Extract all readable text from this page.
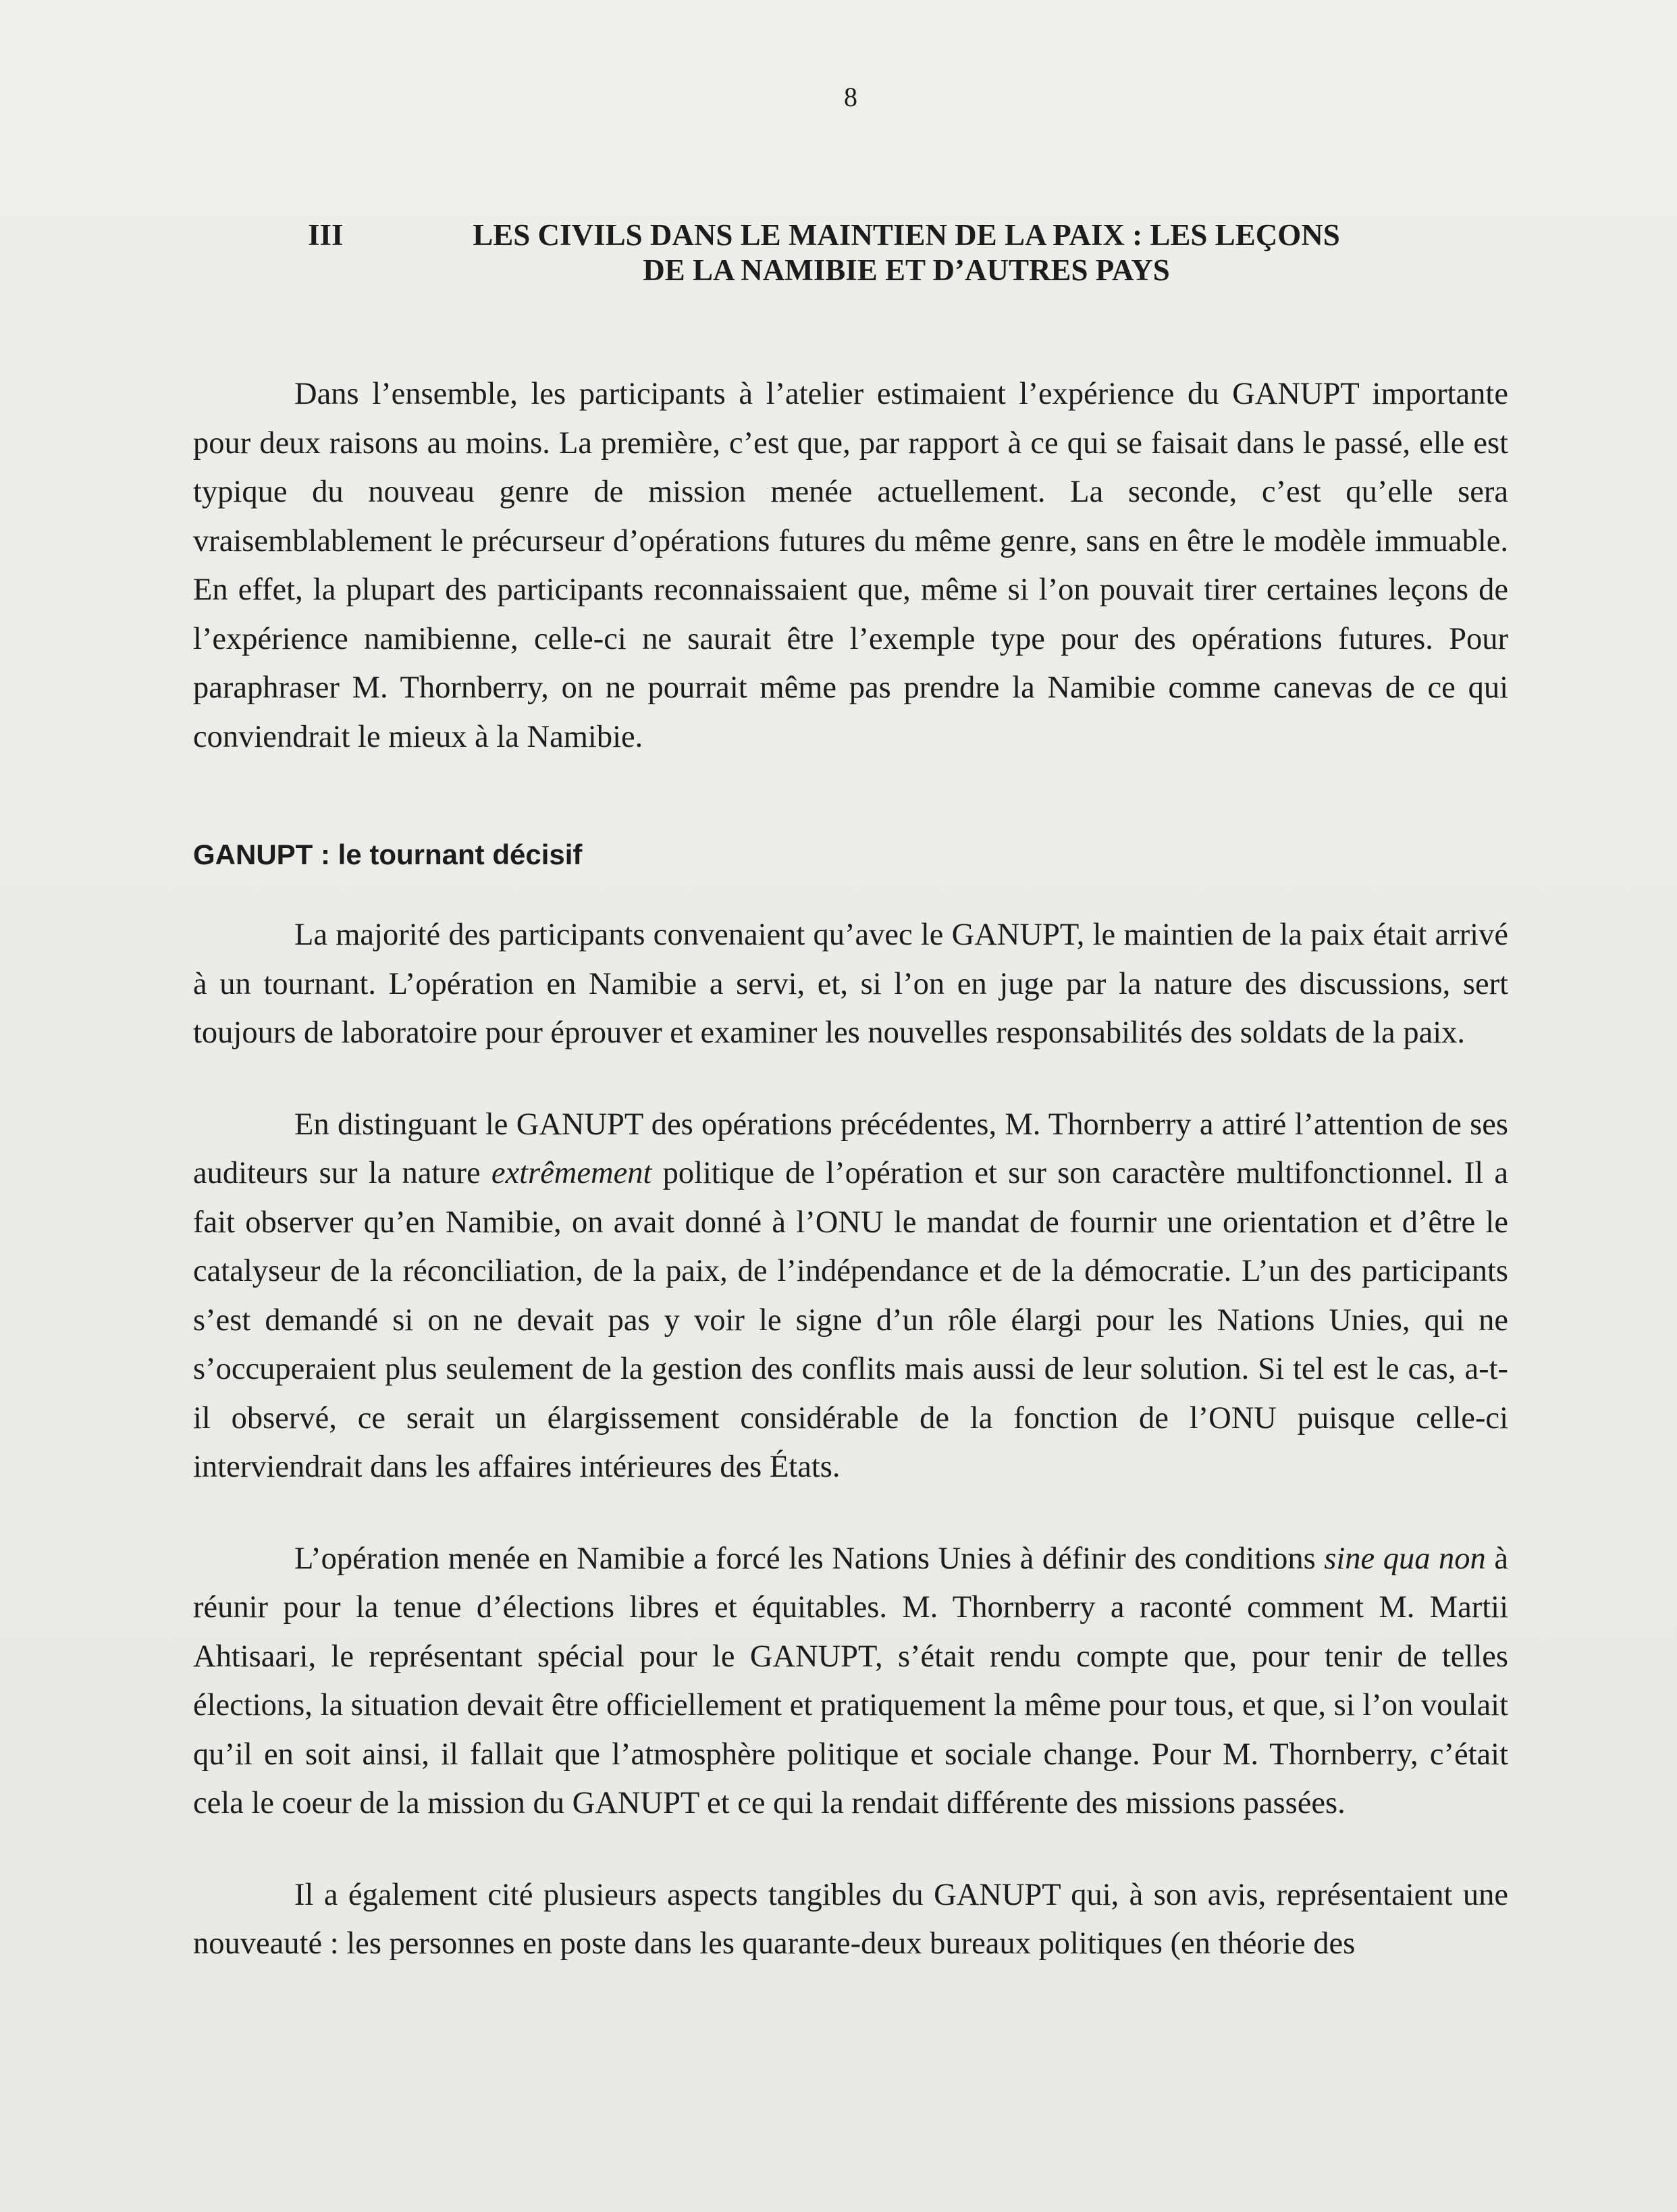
8
III	LES CIVILS DANS LE MAINTIEN DE LA PAIX : LES LEÇONS
DE LA NAMIBIE ET D’AUTRES PAYS

Dans l’ensemble, les participants à l’atelier estimaient l’expérience du GANUPT importante pour deux raisons au moins. La première, c’est que, par rapport à ce qui se faisait dans le passé, elle est typique du nouveau genre de mission menée actuellement. La seconde, c’est qu’elle sera vraisemblablement le précurseur d’opérations futures du même genre, sans en être le modèle immuable. En effet, la plupart des participants reconnaissaient que, même si l’on pouvait tirer certaines leçons de l’expérience namibienne, celle-ci ne saurait être l’exemple type pour des opérations futures. Pour paraphraser M. Thornberry, on ne pourrait même pas prendre la Namibie comme canevas de ce qui conviendrait le mieux à la Namibie.

GANUPT : le tournant décisif

La majorité des participants convenaient qu’avec le GANUPT, le maintien de la paix était arrivé à un tournant. L’opération en Namibie a servi, et, si l’on en juge par la nature des discussions, sert toujours de laboratoire pour éprouver et examiner les nouvelles responsabilités des soldats de la paix.

En distinguant le GANUPT des opérations précédentes, M. Thornberry a attiré l’attention de ses auditeurs sur la nature extrêmement politique de l’opération et sur son caractère multifonctionnel. Il a fait observer qu’en Namibie, on avait donné à l’ONU le mandat de fournir une orientation et d’être le catalyseur de la réconciliation, de la paix, de l’indépendance et de la démocratie. L’un des participants s’est demandé si on ne devait pas y voir le signe d’un rôle élargi pour les Nations Unies, qui ne s’occuperaient plus seulement de la gestion des conflits mais aussi de leur solution. Si tel est le cas, a-t-il observé, ce serait un élargissement considérable de la fonction de l’ONU puisque celle-ci interviendrait dans les affaires intérieures des États.

L’opération menée en Namibie a forcé les Nations Unies à définir des conditions sine qua non à réunir pour la tenue d’élections libres et équitables. M. Thornberry a raconté comment M. Martii Ahtisaari, le représentant spécial pour le GANUPT, s’était rendu compte que, pour tenir de telles élections, la situation devait être officiellement et pratiquement la même pour tous, et que, si l’on voulait qu’il en soit ainsi, il fallait que l’atmosphère politique et sociale change. Pour M. Thornberry, c’était cela le coeur de la mission du GANUPT et ce qui la rendait différente des missions passées.

Il a également cité plusieurs aspects tangibles du GANUPT qui, à son avis, représentaient une nouveauté : les personnes en poste dans les quarante-deux bureaux politiques (en théorie des
